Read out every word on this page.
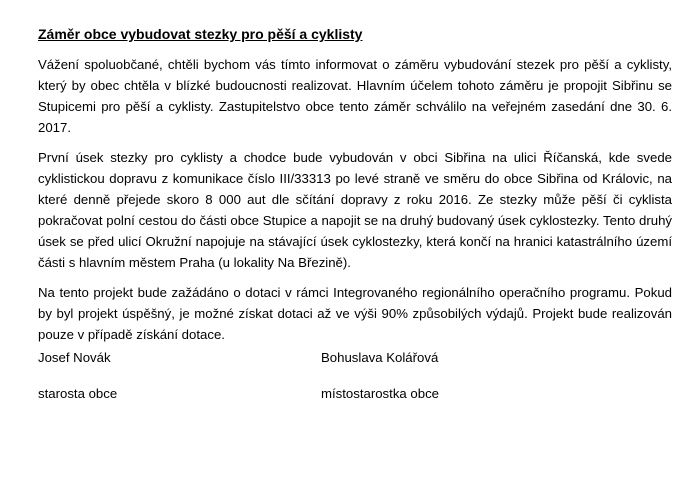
Záměr obce vybudovat stezky pro pěší a cyklisty

Vážení spoluobčané, chtěli bychom vás tímto informovat o záměru vybudování stezek pro pěší a cyklisty, který by obec chtěla v blízké budoucnosti realizovat. Hlavním účelem tohoto záměru je propojit Sibřinu se Stupicemi pro pěší a cyklisty. Zastupitelstvo obce tento záměr schválilo na veřejném zasedání dne 30. 6. 2017.

První úsek stezky pro cyklisty a chodce bude vybudován v obci Sibřina na ulici Říčanská, kde svede cyklistickou dopravu z komunikace číslo III/33313 po levé straně ve směru do obce Sibřina od Královic, na které denně přejede skoro 8 000 aut dle sčítání dopravy z roku 2016. Ze stezky může pěší či cyklista pokračovat polní cestou do části obce Stupice a napojit se na druhý budovaný úsek cyklostezky. Tento druhý úsek se před ulicí Okružní napojuje na stávající úsek cyklostezky, která končí na hranici katastrálního území části s hlavním městem Praha (u lokality Na Březině).

Na tento projekt bude zažádáno o dotaci v rámci Integrovaného regionálního operačního programu. Pokud by byl projekt úspěšný, je možné získat dotaci až ve výši 90% způsobilých výdajů. Projekt bude realizován pouze v případě získání dotace.

Josef Novák	Bohuslava Kolářová
starosta obce	místostarostka obce
